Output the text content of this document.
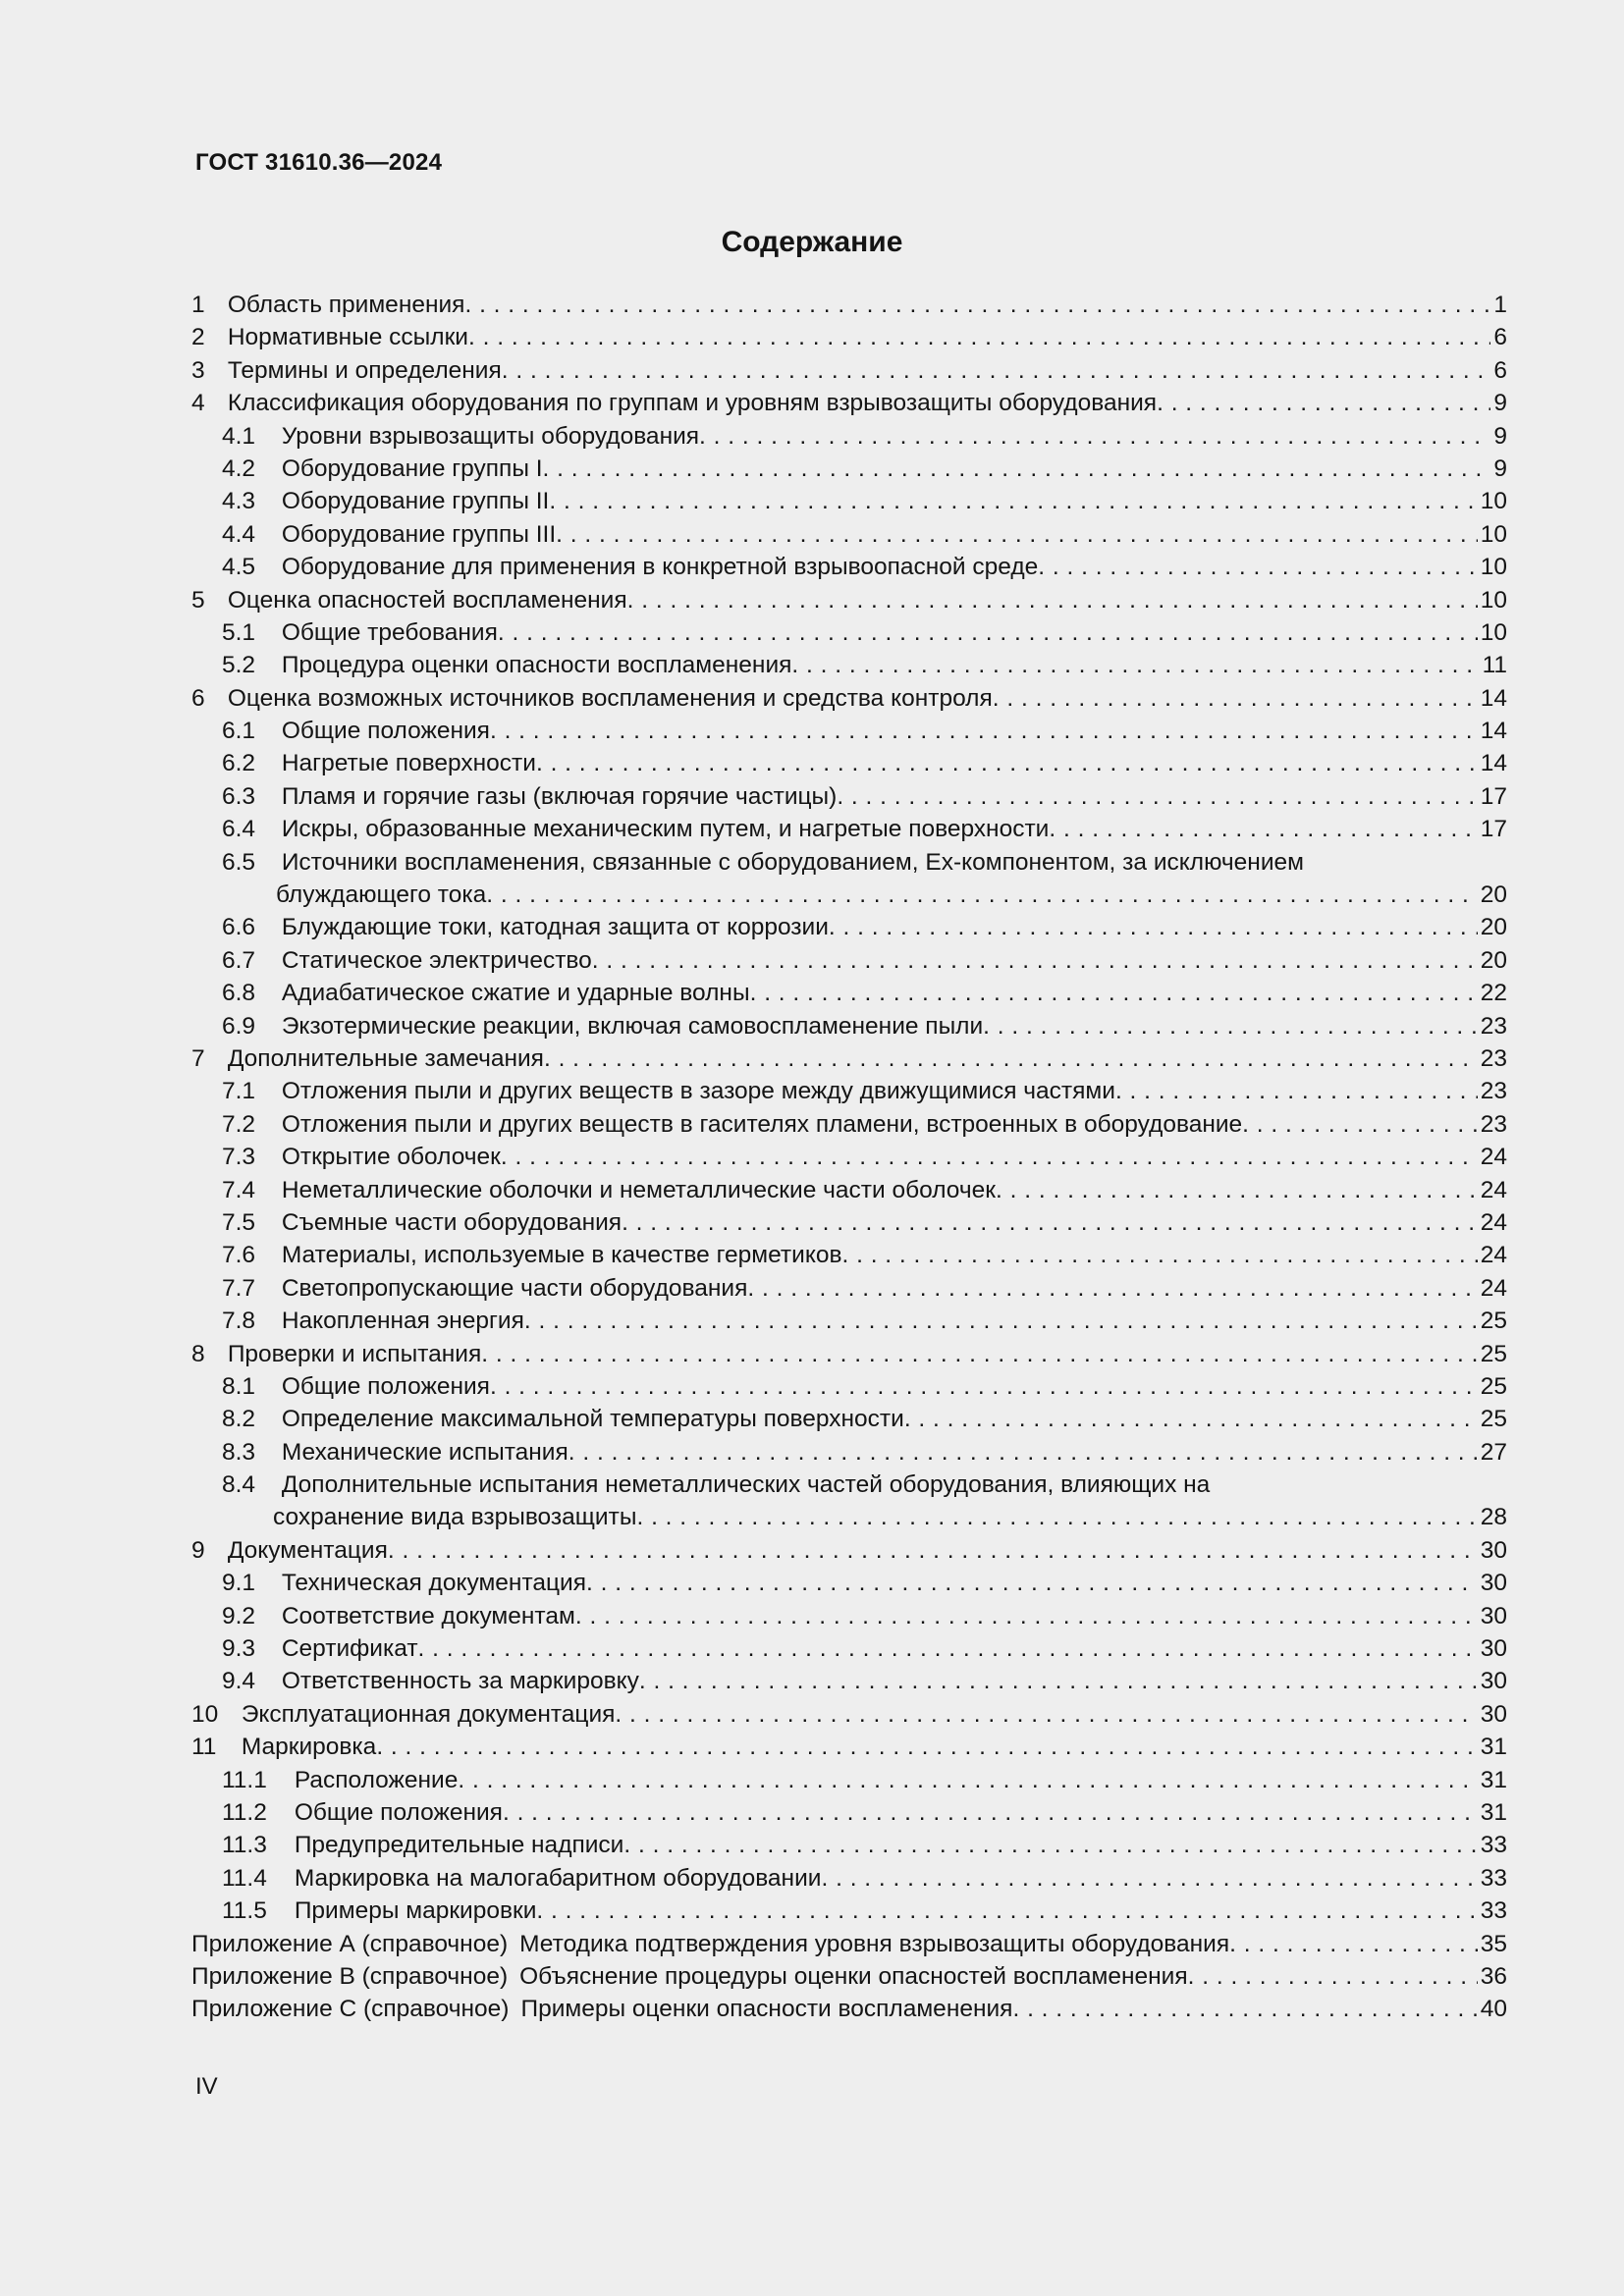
ГОСТ 31610.36—2024
Содержание
1 Область применения . . .	1
2 Нормативные ссылки . . .	6
3 Термины и определения . . .	6
4 Классификация оборудования по группам и уровням взрывозащиты оборудования . . .	9
4.1 Уровни взрывозащиты оборудования . . .	9
4.2 Оборудование группы I . . .	9
4.3 Оборудование группы II . . .	10
4.4 Оборудование группы III . . .	10
4.5 Оборудование для применения в конкретной взрывоопасной среде . . .	10
5 Оценка опасностей воспламенения . . .	10
5.1 Общие требования . . .	10
5.2 Процедура оценки опасности воспламенения . . .	11
6 Оценка возможных источников воспламенения и средства контроля . . .	14
6.1 Общие положения . . .	14
6.2 Нагретые поверхности . . .	14
6.3 Пламя и горячие газы (включая горячие частицы) . . .	17
6.4 Искры, образованные механическим путем, и нагретые поверхности . . .	17
6.5 Источники воспламенения, связанные с оборудованием, Ex-компонентом, за исключением
блуждающего тока . . .	20
6.6 Блуждающие токи, катодная защита от коррозии . . .	20
6.7 Статическое электричество . . .	20
6.8 Адиабатическое сжатие и ударные волны . . .	22
6.9 Экзотермические реакции, включая самовоспламенение пыли . . .	23
7 Дополнительные замечания . . .	23
7.1 Отложения пыли и других веществ в зазоре между движущимися частями . . .	23
7.2 Отложения пыли и других веществ в гасителях пламени, встроенных в оборудование . . .	23
7.3 Открытие оболочек . . .	24
7.4 Неметаллические оболочки и неметаллические части оболочек . . .	24
7.5 Съемные части оборудования . . .	24
7.6 Материалы, используемые в качестве герметиков . . .	24
7.7 Светопропускающие части оборудования . . .	24
7.8 Накопленная энергия . . .	25
8 Проверки и испытания . . .	25
8.1 Общие положения . . .	25
8.2 Определение максимальной температуры поверхности . . .	25
8.3 Механические испытания . . .	27
8.4 Дополнительные испытания неметаллических частей оборудования, влияющих на
сохранение вида взрывозащиты . . .	28
9 Документация . . .	30
9.1 Техническая документация . . .	30
9.2 Соответствие документам . . .	30
9.3 Сертификат . . .	30
9.4 Ответственность за маркировку . . .	30
10 Эксплуатационная документация . . .	30
11 Маркировка . . .	31
11.1 Расположение . . .	31
11.2 Общие положения . . .	31
11.3 Предупредительные надписи . . .	33
11.4 Маркировка на малогабаритном оборудовании . . .	33
11.5 Примеры маркировки . . .	33
Приложение А (справочное) Методика подтверждения уровня взрывозащиты оборудования . . .	35
Приложение В (справочное) Объяснение процедуры оценки опасностей воспламенения . . .	36
Приложение С (справочное) Примеры оценки опасности воспламенения . . .	40
IV
